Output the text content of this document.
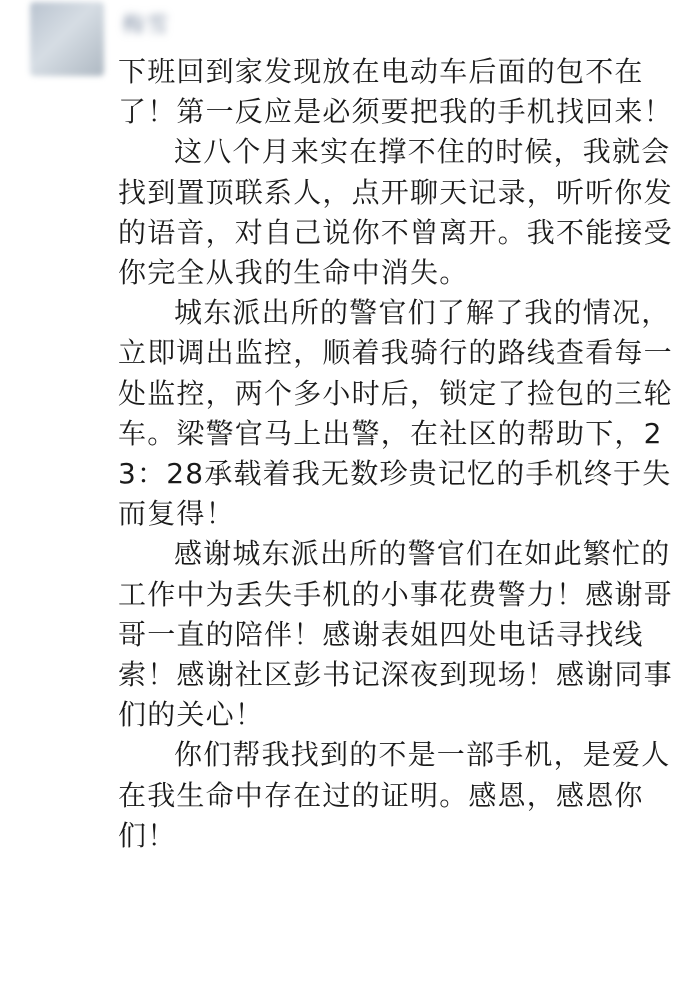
梅雪

下班回到家发现放在电动车后面的包不在了！第一反应是必须要把我的手机找回来！

这八个月来实在撑不住的时候，我就会找到置顶联系人，点开聊天记录，听听你发的语音，对自己说你不曾离开。我不能接受你完全从我的生命中消失。

城东派出所的警官们了解了我的情况，立即调出监控，顺着我骑行的路线查看每一处监控，两个多小时后，锁定了捡包的三轮车。梁警官马上出警，在社区的帮助下，23：28承载着我无数珍贵记忆的手机终于失而复得！

感谢城东派出所的警官们在如此繁忙的工作中为丢失手机的小事花费警力！感谢哥哥一直的陪伴！感谢表姐四处电话寻找线索！感谢社区彭书记深夜到现场！感谢同事们的关心！

你们帮我找到的不是一部手机，是爱人在我生命中存在过的证明。感恩，感恩你们！
